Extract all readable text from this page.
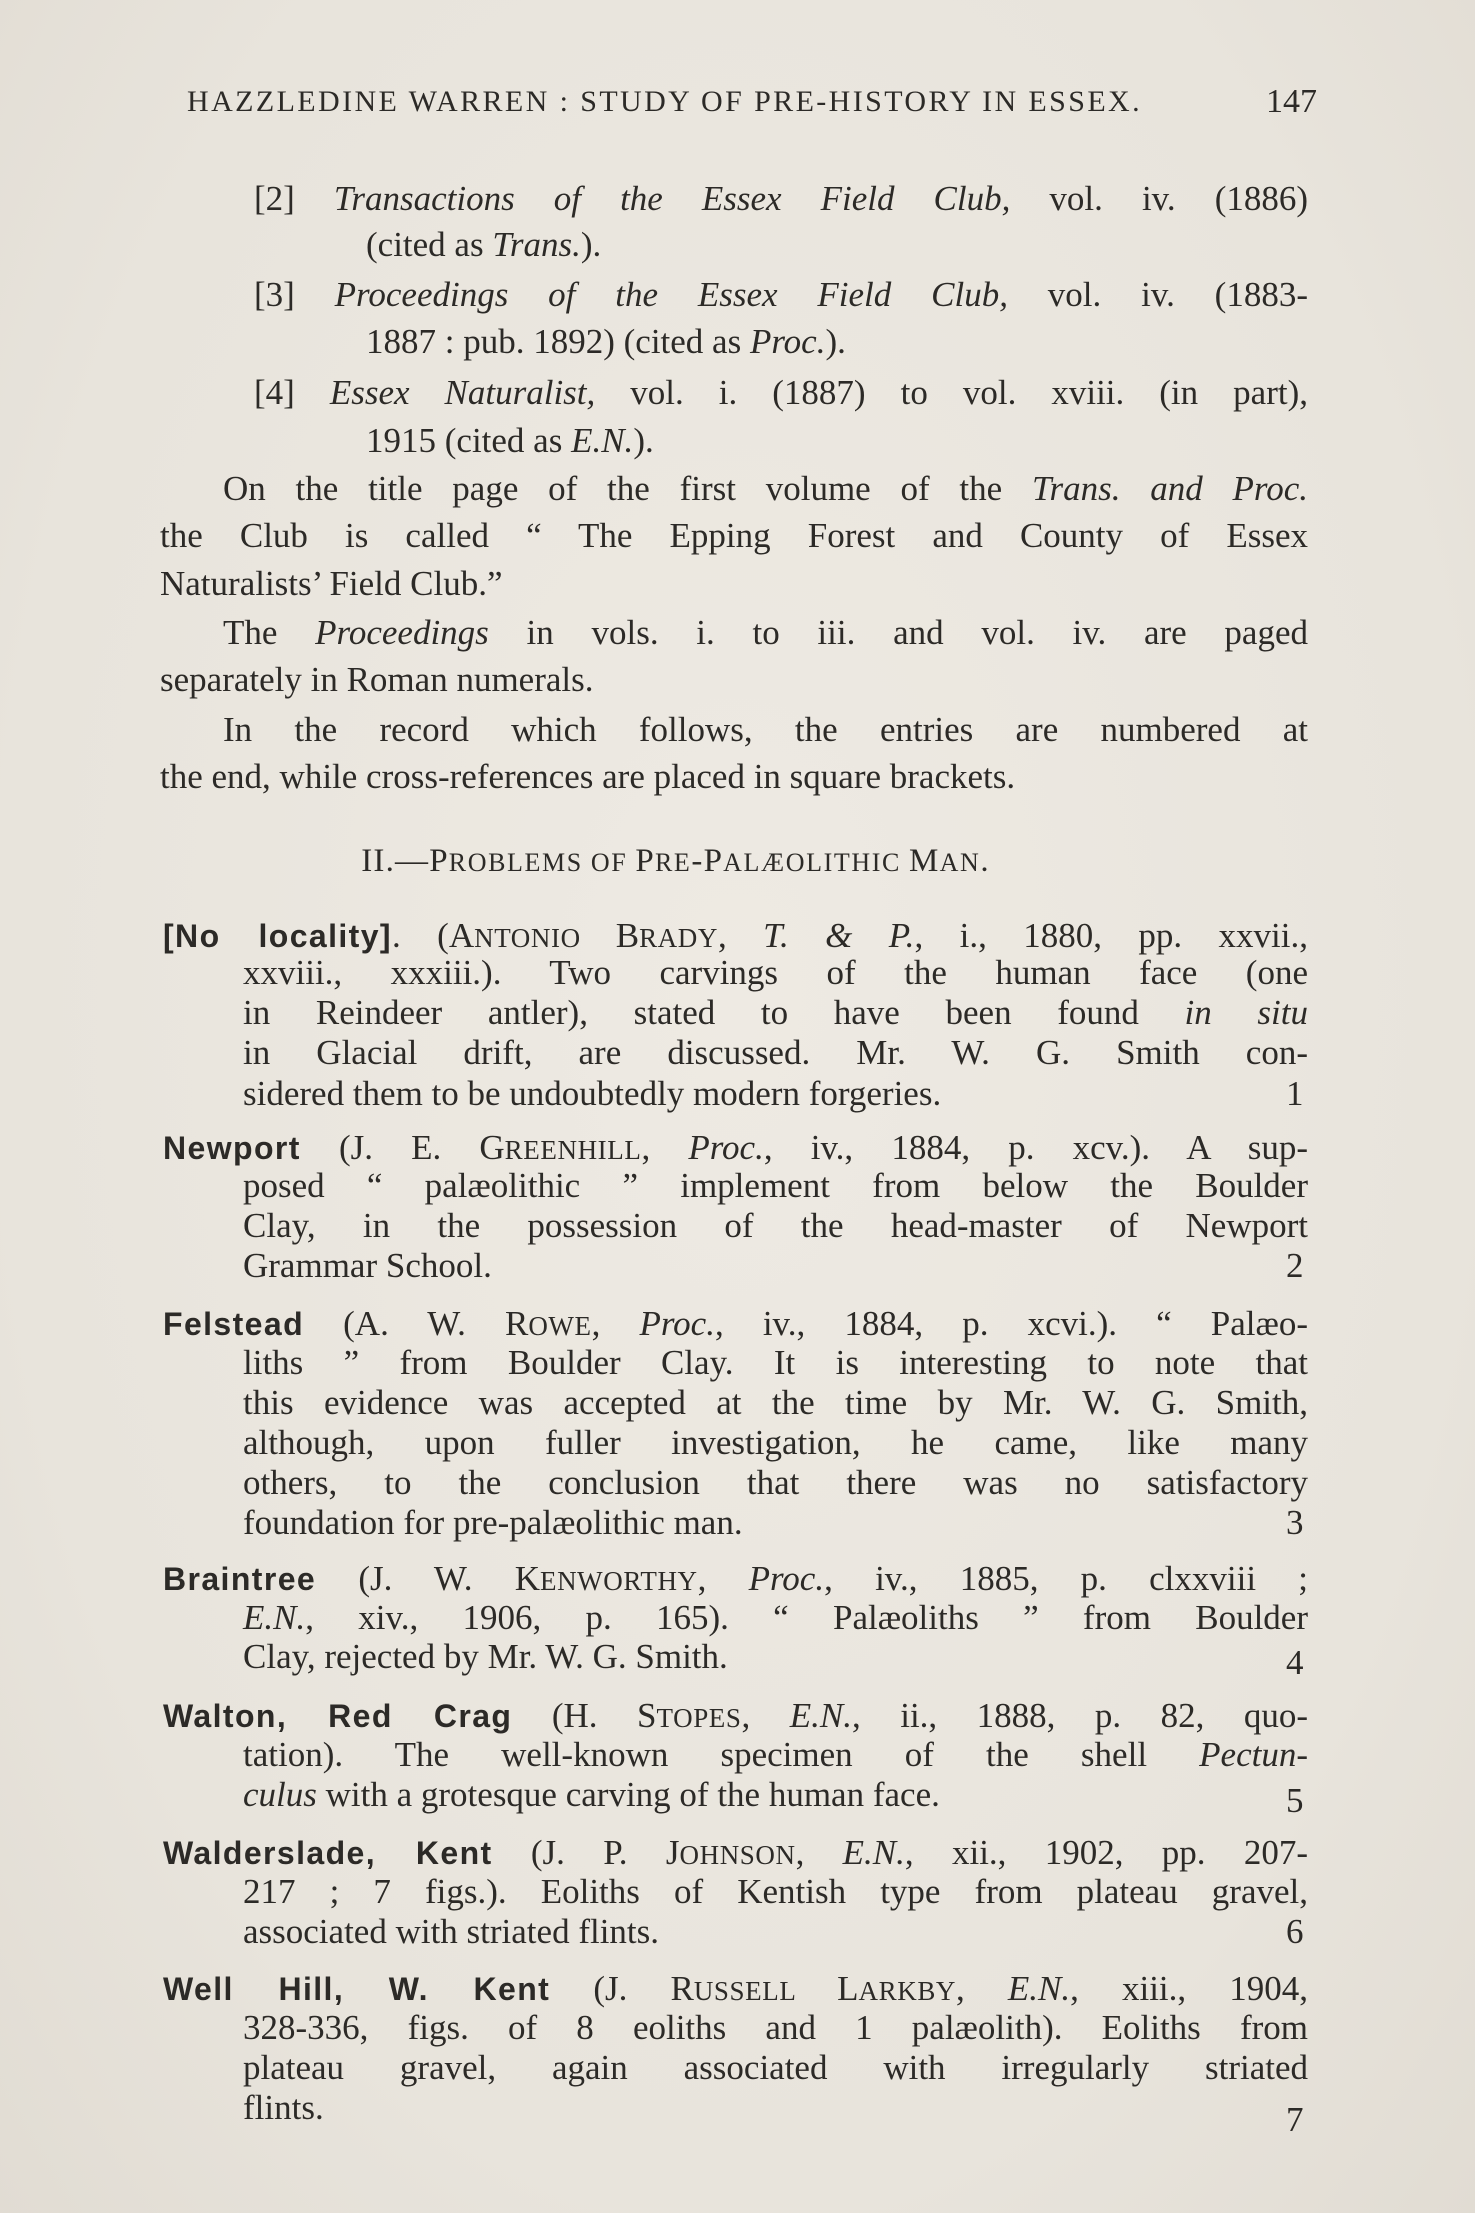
HAZZLEDINE WARREN : STUDY OF PRE-HISTORY IN ESSEX.	147
[2] Transactions of the Essex Field Club, vol. iv. (1886)
(cited as Trans.).
[3] Proceedings of the Essex Field Club, vol. iv. (1883-
1887 : pub. 1892) (cited as Proc.).
[4] Essex Naturalist, vol. i. (1887) to vol. xviii. (in part),
1915 (cited as E.N.).
On the title page of the first volume of the Trans. and Proc.
the Club is called “ The Epping Forest and County of Essex
Naturalists’ Field Club.”
The Proceedings in vols. i. to iii. and vol. iv. are paged
separately in Roman numerals.
In the record which follows, the entries are numbered at
the end, while cross-references are placed in square brackets.
[No locality]. (ANTONIO BRADY, T. & P., i., 1880, pp. xxvii.,
xxviii., xxxiii.). Two carvings of the human face (one
in Reindeer antler), stated to have been found in situ
in Glacial drift, are discussed. Mr. W. G. Smith con-
sidered them to be undoubtedly modern forgeries.	1
Newport (J. E. GREENHILL, Proc., iv., 1884, p. xcv.). A sup-
posed “ palæolithic ” implement from below the Boulder
Clay, in the possession of the head-master of Newport
Grammar School.	2
Felstead (A. W. ROWE, Proc., iv., 1884, p. xcvi.). “ Palæo-
liths ” from Boulder Clay. It is interesting to note that
this evidence was accepted at the time by Mr. W. G. Smith,
although, upon fuller investigation, he came, like many
others, to the conclusion that there was no satisfactory
foundation for pre-palæolithic man.	3
Braintree (J. W. KENWORTHY, Proc., iv., 1885, p. clxxviii ;
E.N., xiv., 1906, p. 165). “ Palæoliths ” from Boulder
Clay, rejected by Mr. W. G. Smith.	4
Walton, Red Crag (H. STOPES, E.N., ii., 1888, p. 82, quo-
tation). The well-known specimen of the shell Pectun-
culus with a grotesque carving of the human face.	5
Walderslade, Kent (J. P. JOHNSON, E.N., xii., 1902, pp. 207-
217 ; 7 figs.). Eoliths of Kentish type from plateau gravel,
associated with striated flints.	6
Well Hill, W. Kent (J. RUSSELL LARKBY, E.N., xiii., 1904,
328-336, figs. of 8 eoliths and 1 palæolith). Eoliths from
plateau gravel, again associated with irregularly striated
flints.	7
II.—PROBLEMS OF PRE-PALÆOLITHIC MAN.
